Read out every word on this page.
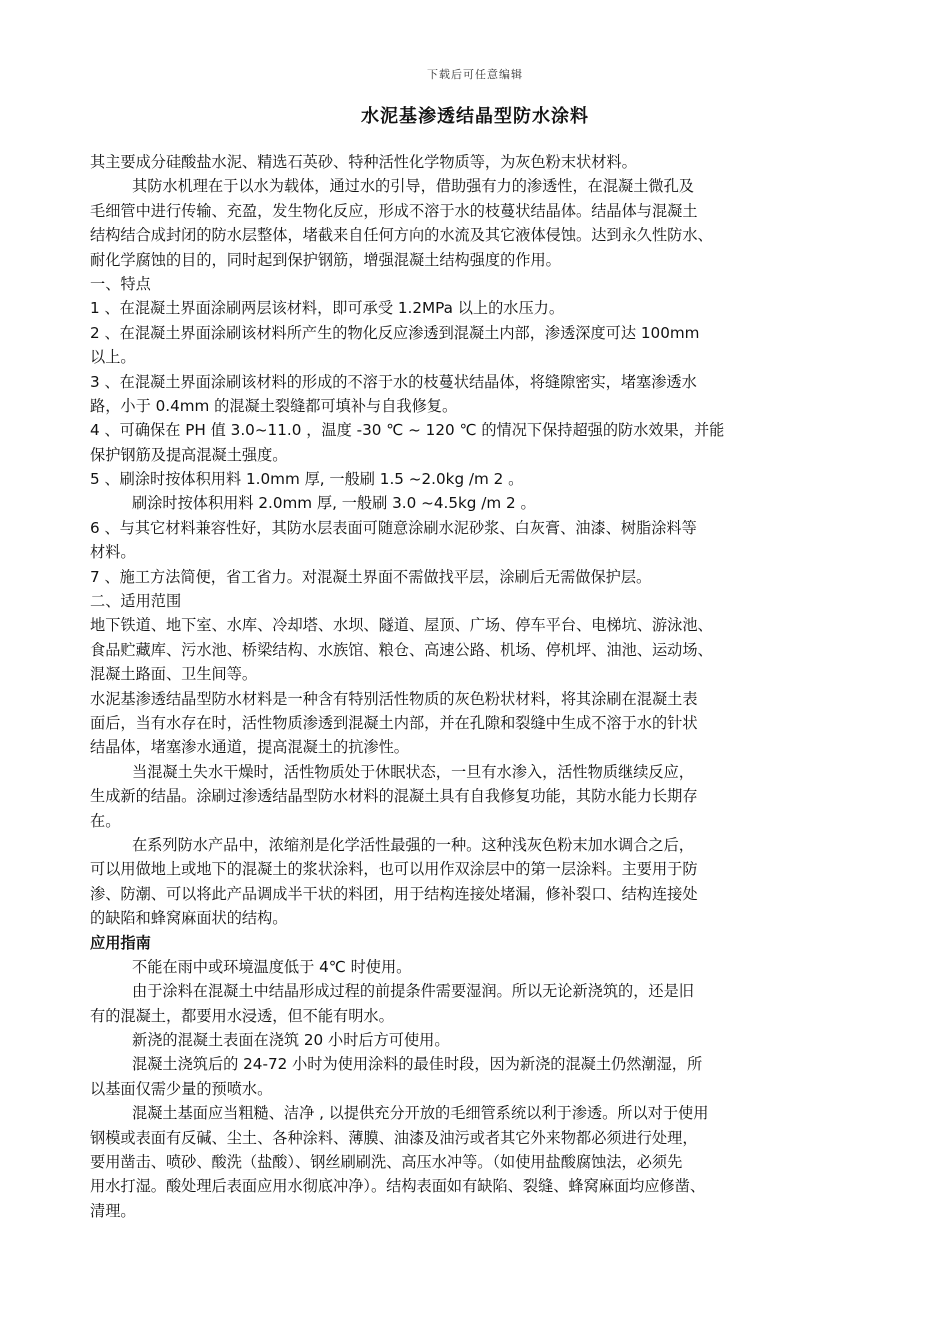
下载后可任意编辑
水泥基渗透结晶型防水涂料
其主要成分硅酸盐水泥、精选石英砂、特种活性化学物质等，为灰色粉末状材料。
其防水机理在于以水为载体，通过水的引导，借助强有力的渗透性，在混凝土微孔及
毛细管中进行传输、充盈，发生物化反应，形成不溶于水的枝蔓状结晶体。结晶体与混凝土
结构结合成封闭的防水层整体，堵截来自任何方向的水流及其它液体侵蚀。达到永久性防水、
耐化学腐蚀的目的，同时起到保护钢筋，增强混凝土结构强度的作用。
一、特点
1 、在混凝土界面涂刷两层该材料，即可承受 1.2MPa 以上的水压力。
2 、在混凝土界面涂刷该材料所产生的物化反应渗透到混凝土内部，渗透深度可达 100mm
以上。
3 、在混凝土界面涂刷该材料的形成的不溶于水的枝蔓状结晶体，将缝隙密实，堵塞渗透水
路，小于 0.4mm 的混凝土裂缝都可填补与自我修复。
4 、可确保在 PH 值 3.0~11.0 ，温度 -30 ℃ ~ 120 ℃ 的情况下保持超强的防水效果，并能
保护钢筋及提高混凝土强度。
5 、刷涂时按体积用料 1.0mm 厚, 一般刷 1.5 ~2.0kg /m 2 。
刷涂时按体积用料 2.0mm 厚, 一般刷 3.0 ~4.5kg /m 2 。
6 、与其它材料兼容性好，其防水层表面可随意涂刷水泥砂浆、白灰膏、油漆、树脂涂料等
材料。
7 、施工方法简便，省工省力。对混凝土界面不需做找平层，涂刷后无需做保护层。
二、适用范围
地下铁道、地下室、水库、冷却塔、水坝、隧道、屋顶、广场、停车平台、电梯坑、游泳池、
食品贮藏库、污水池、桥梁结构、水族馆、粮仓、高速公路、机场、停机坪、油池、运动场、
混凝土路面、卫生间等。
水泥基渗透结晶型防水材料是一种含有特别活性物质的灰色粉状材料，将其涂刷在混凝土表
面后，当有水存在时，活性物质渗透到混凝土内部，并在孔隙和裂缝中生成不溶于水的针状
结晶体，堵塞渗水通道，提高混凝土的抗渗性。
当混凝土失水干燥时，活性物质处于休眠状态，一旦有水渗入，活性物质继续反应，
生成新的结晶。涂刷过渗透结晶型防水材料的混凝土具有自我修复功能，其防水能力长期存
在。
在系列防水产品中，浓缩剂是化学活性最强的一种。这种浅灰色粉末加水调合之后，
可以用做地上或地下的混凝土的浆状涂料，也可以用作双涂层中的第一层涂料。主要用于防
渗、防潮、可以将此产品调成半干状的料团，用于结构连接处堵漏，修补裂口、结构连接处
的缺陷和蜂窝麻面状的结构。
应用指南
不能在雨中或环境温度低于 4℃ 时使用。
由于涂料在混凝土中结晶形成过程的前提条件需要湿润。所以无论新浇筑的，还是旧
有的混凝土，都要用水浸透，但不能有明水。
新浇的混凝土表面在浇筑 20 小时后方可使用。
混凝土浇筑后的 24-72 小时为使用涂料的最佳时段，因为新浇的混凝土仍然潮湿，所
以基面仅需少量的预喷水。
混凝土基面应当粗糙、洁净 , 以提供充分开放的毛细管系统以利于渗透。所以对于使用
钢模或表面有反碱、尘土、各种涂料、薄膜、油漆及油污或者其它外来物都必须进行处理，
要用凿击、喷砂、酸洗（盐酸）、钢丝刷刷洗、高压水冲等。（如使用盐酸腐蚀法，必须先
用水打湿。酸处理后表面应用水彻底冲净）。结构表面如有缺陷、裂缝、蜂窝麻面均应修凿、
清理。
